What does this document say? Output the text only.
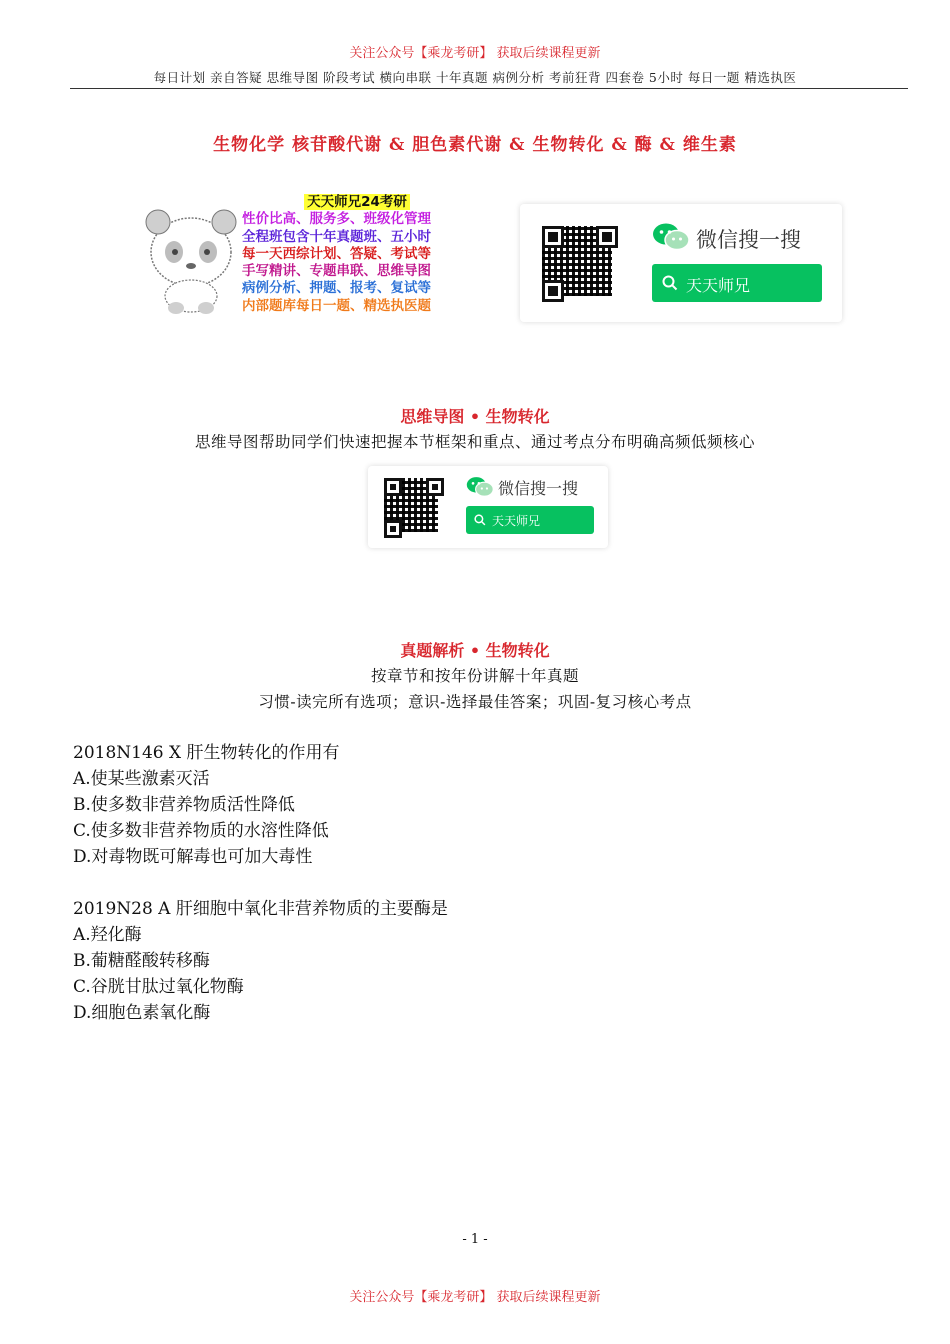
关注公众号【乘龙考研】 获取后续课程更新
每日计划 亲自答疑 思维导图 阶段考试 横向串联 十年真题 病例分析 考前狂背 四套卷 5小时 每日一题 精选执医
生物化学 核苷酸代谢 & 胆色素代谢 & 生物转化 & 酶 & 维生素
天天师兄24考研
性价比高、服务多、班级化管理
全程班包含十年真题班、五小时
每一天西综计划、答疑、考试等
手写精讲、专题串联、思维导图
病例分析、押题、报考、复试等
内部题库每日一题、精选执医题
微信搜一搜
天天师兄
思维导图 • 生物转化
思维导图帮助同学们快速把握本节框架和重点、通过考点分布明确高频低频核心
微信搜一搜
天天师兄
真题解析 • 生物转化
按章节和按年份讲解十年真题
习惯-读完所有选项；意识-选择最佳答案；巩固-复习核心考点
2018N146 X 肝生物转化的作用有
A.使某些激素灭活
B.使多数非营养物质活性降低
C.使多数非营养物质的水溶性降低
D.对毒物既可解毒也可加大毒性
2019N28 A 肝细胞中氧化非营养物质的主要酶是
A.羟化酶
B.葡糖醛酸转移酶
C.谷胱甘肽过氧化物酶
D.细胞色素氧化酶
- 1 -
关注公众号【乘龙考研】 获取后续课程更新
